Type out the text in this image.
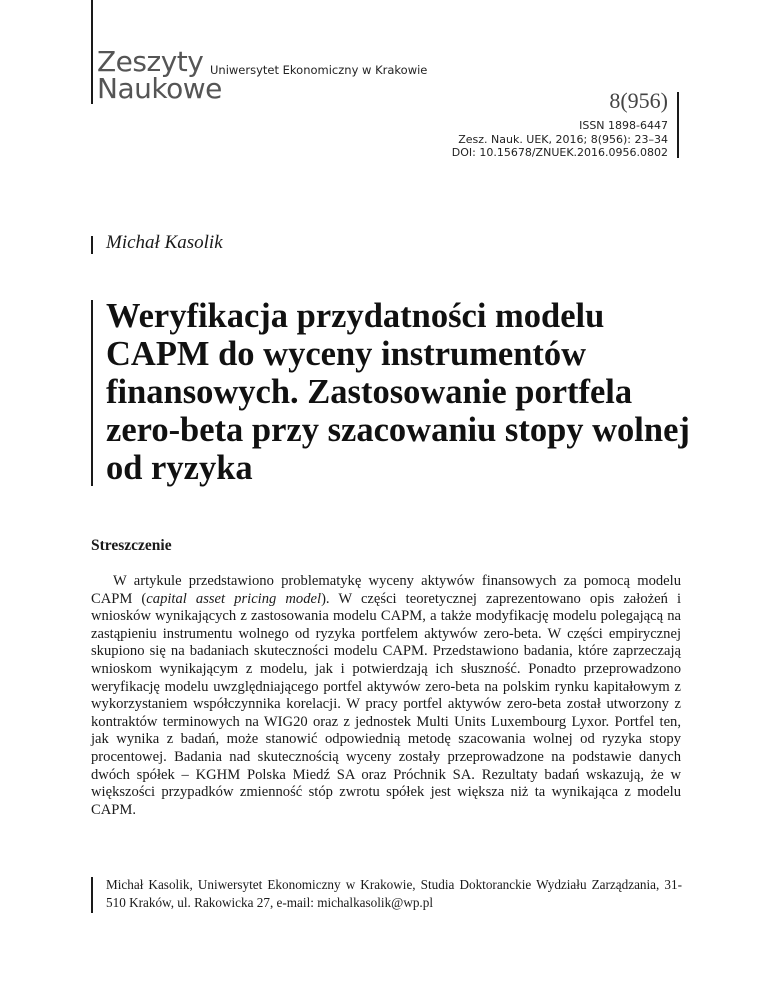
Zeszyty
Naukowe
Uniwersytet Ekonomiczny w Krakowie
8(956)
ISSN 1898-6447
Zesz. Nauk. UEK, 2016; 8(956): 23–34
DOI: 10.15678/ZNUEK.2016.0956.0802
Michał Kasolik
Weryfikacja przydatności modelu CAPM do wyceny instrumentów finansowych. Zastosowanie portfela zero-beta przy szacowaniu stopy wolnej od ryzyka
Streszczenie

W artykule przedstawiono problematykę wyceny aktywów finansowych za pomocą modelu CAPM (capital asset pricing model). W części teoretycznej zaprezentowano opis założeń i wniosków wynikających z zastosowania modelu CAPM, a także modyfikację modelu polegającą na zastąpieniu instrumentu wolnego od ryzyka portfelem aktywów zero-beta. W części empirycznej skupiono się na badaniach skuteczności modelu CAPM. Przedstawiono badania, które zaprzeczają wnioskom wynikającym z modelu, jak i potwierdzają ich słuszność. Ponadto przeprowadzono weryfikację modelu uwzględniającego portfel aktywów zero-beta na polskim rynku kapitałowym z wykorzystaniem współczynnika korelacji. W pracy portfel aktywów zero-beta został utworzony z kontraktów terminowych na WIG20 oraz z jednostek Multi Units Luxembourg Lyxor. Portfel ten, jak wynika z badań, może stanowić odpowiednią metodę szacowania wolnej od ryzyka stopy procentowej. Badania nad skutecznością wyceny zostały przeprowadzone na podstawie danych dwóch spółek – KGHM Polska Miedź SA oraz Próchnik SA. Rezultaty badań wskazują, że w większości przypadków zmienność stóp zwrotu spółek jest większa niż ta wynikająca z modelu CAPM.

Michał Kasolik, Uniwersytet Ekonomiczny w Krakowie, Studia Doktoranckie Wydziału Zarządzania, 31-510 Kraków, ul. Rakowicka 27, e-mail: michalkasolik@wp.pl
